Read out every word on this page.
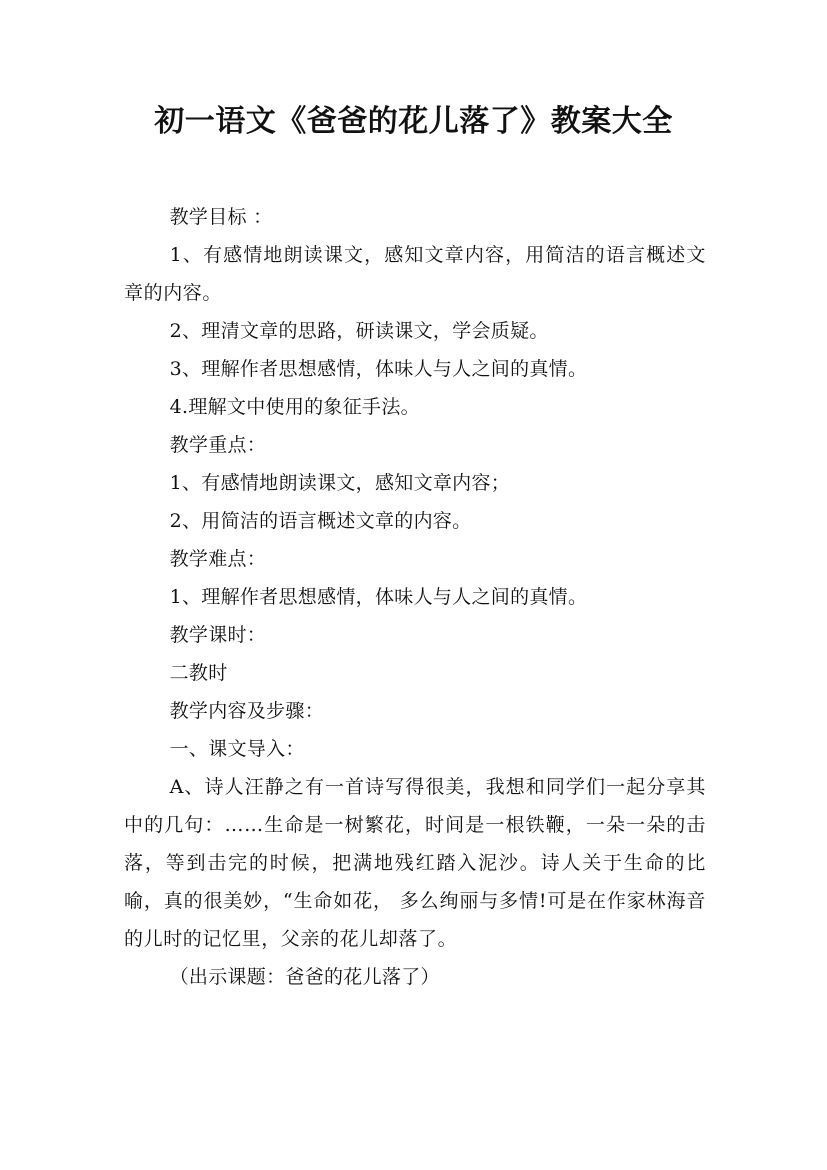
初一语文《爸爸的花儿落了》教案大全

教学目标 ：

1、有感情地朗读课文，感知文章内容，用简洁的语言概述文章的内容。

2、理清文章的思路，研读课文，学会质疑。

3、理解作者思想感情，体味人与人之间的真情。

4.理解文中使用的象征手法。

教学重点：

1、有感情地朗读课文，感知文章内容；

2、用简洁的语言概述文章的内容。

教学难点：

1、理解作者思想感情，体味人与人之间的真情。

教学课时：

二教时

教学内容及步骤：

一、课文导入：

A、诗人汪静之有一首诗写得很美，我想和同学们一起分享其中的几句：……生命是一树繁花，时间是一根铁鞭，一朵一朵的击落，等到击完的时候，把满地残红踏入泥沙。诗人关于生命的比喻，真的很美妙，“生命如花， 多么绚丽与多情!可是在作家林海音的儿时的记忆里，父亲的花儿却落了。

（出示课题：爸爸的花儿落了）
